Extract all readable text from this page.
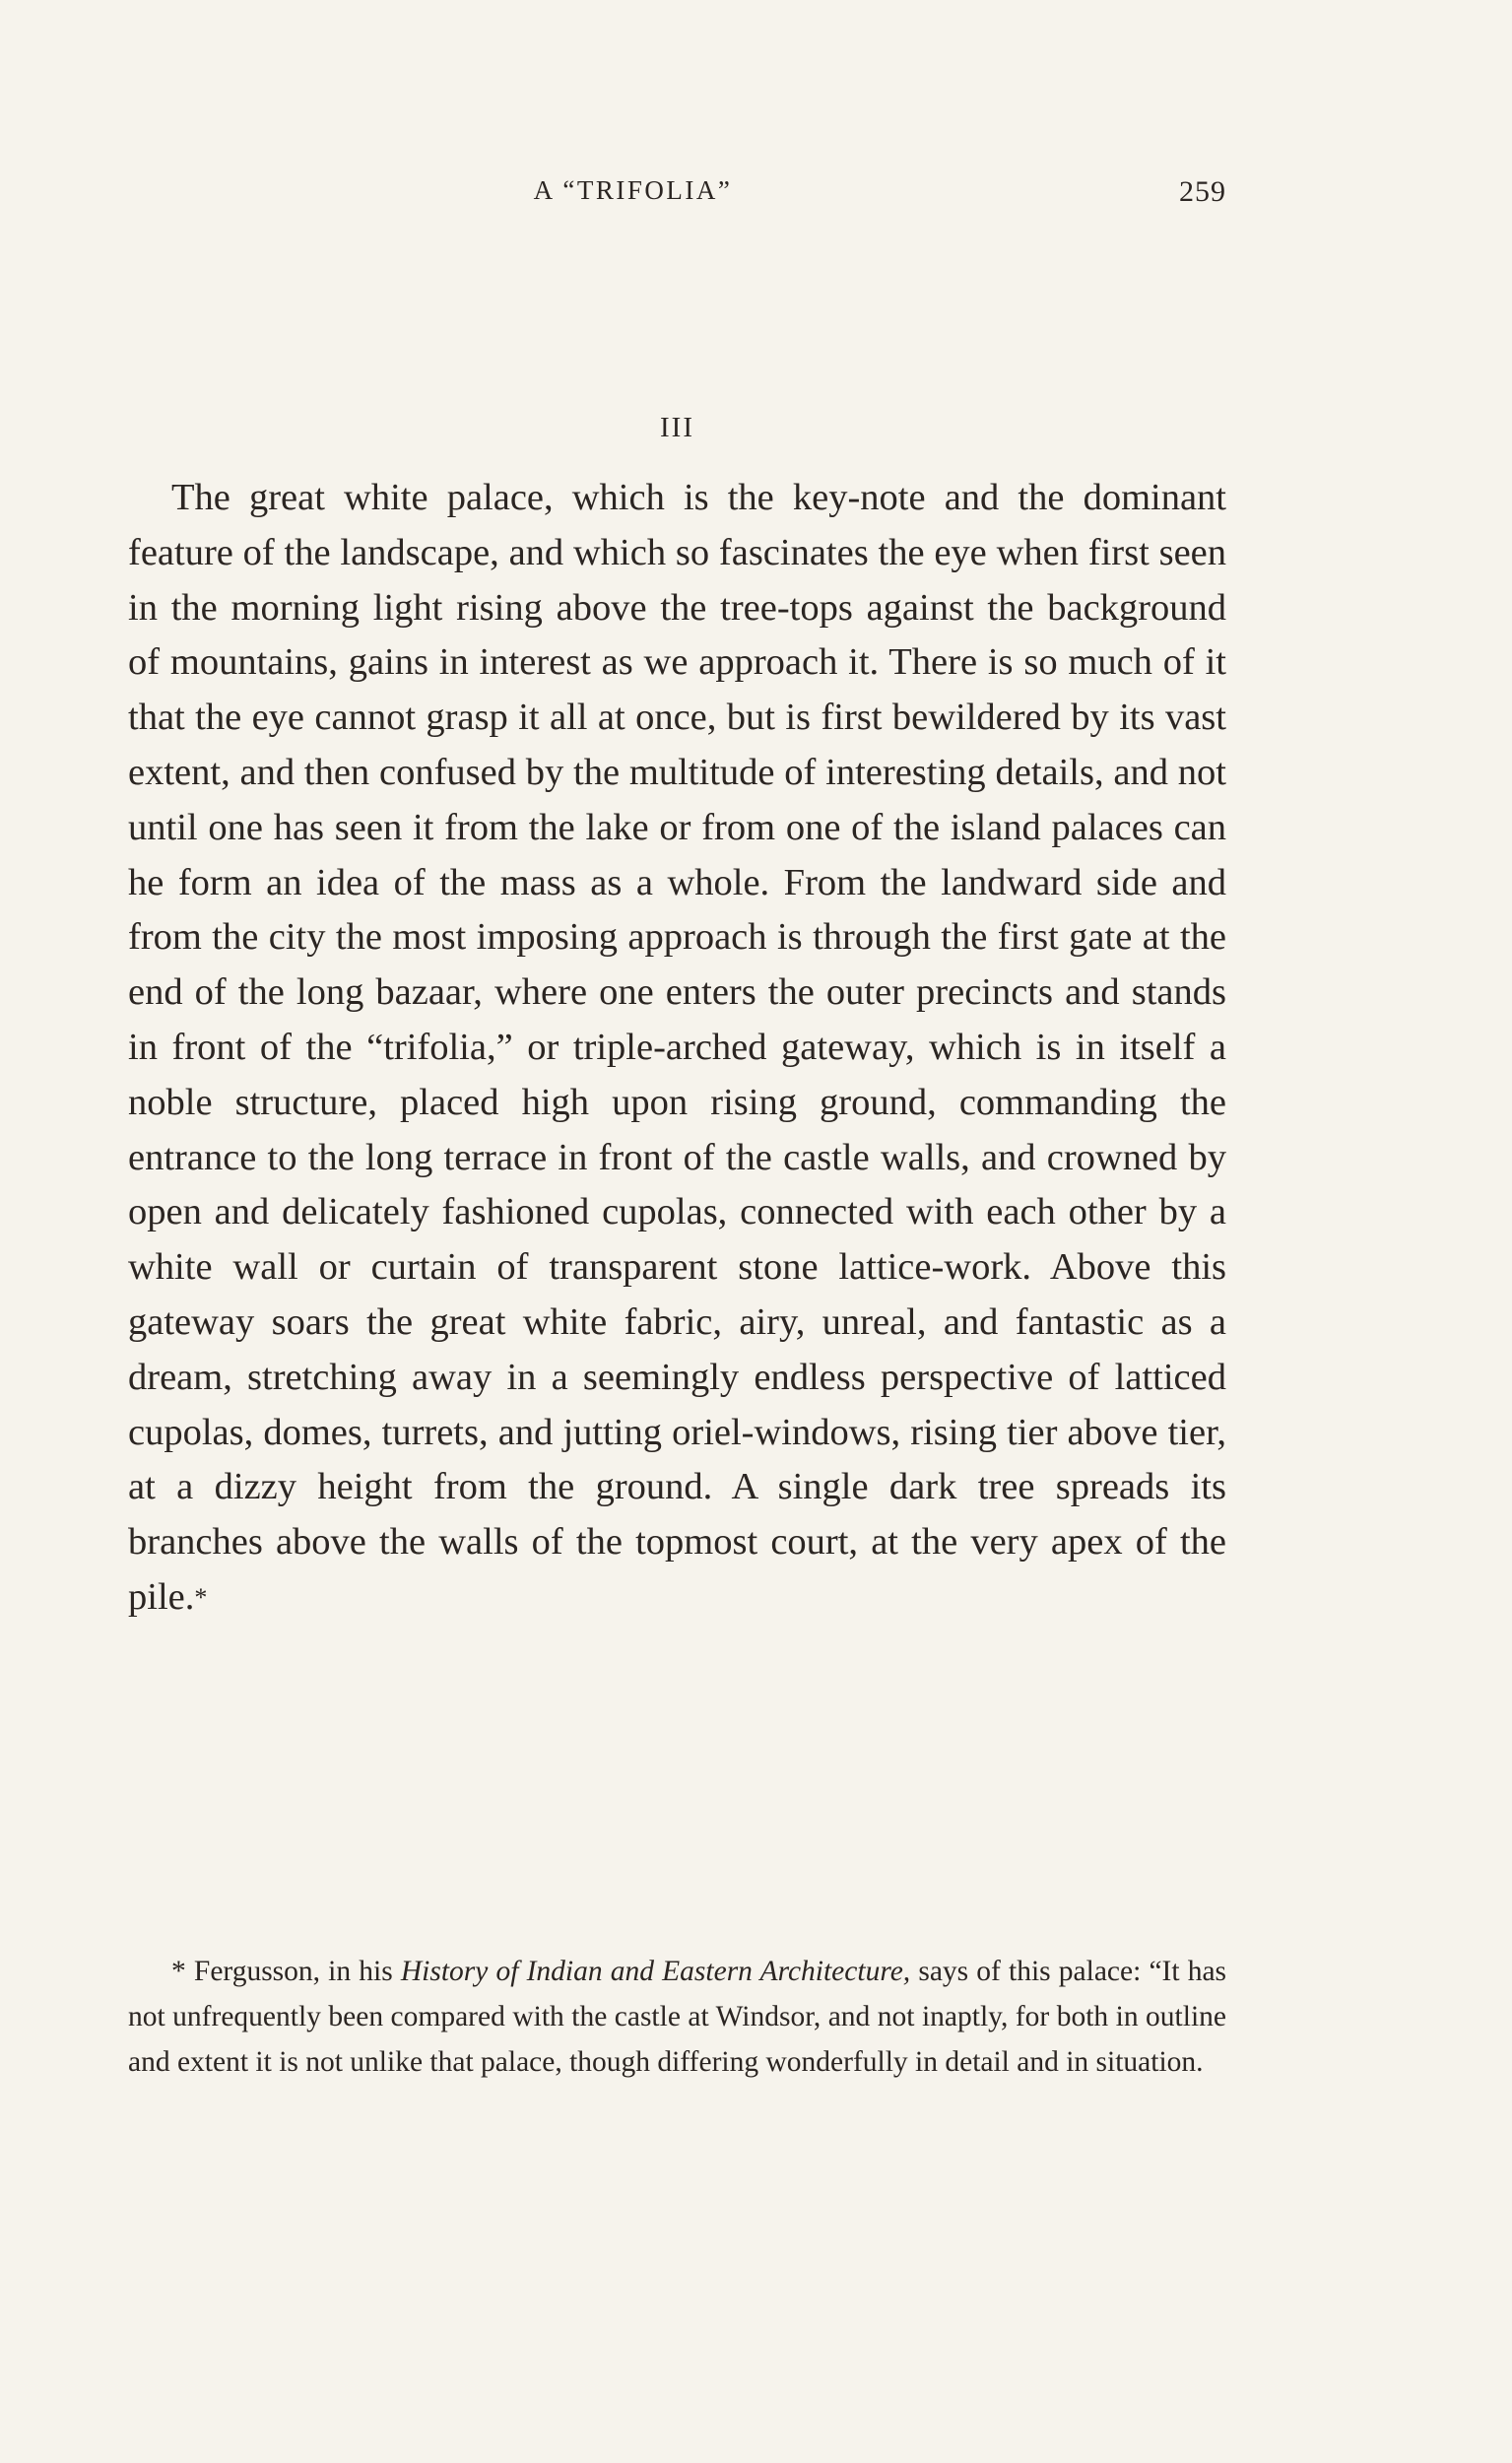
A “TRIFOLIA”	259
III

The great white palace, which is the key-note and the dominant feature of the landscape, and which so fascinates the eye when first seen in the morning light rising above the tree-tops against the background of mountains, gains in interest as we approach it. There is so much of it that the eye cannot grasp it all at once, but is first bewildered by its vast extent, and then confused by the multitude of interesting details, and not until one has seen it from the lake or from one of the island palaces can he form an idea of the mass as a whole. From the landward side and from the city the most imposing approach is through the first gate at the end of the long bazaar, where one enters the outer precincts and stands in front of the “trifolia,” or triple-arched gateway, which is in itself a noble structure, placed high upon rising ground, commanding the entrance to the long terrace in front of the castle walls, and crowned by open and delicately fashioned cupolas, connected with each other by a white wall or curtain of transparent stone lattice-work. Above this gateway soars the great white fabric, airy, unreal, and fantastic as a dream, stretching away in a seemingly endless perspective of latticed cupolas, domes, turrets, and jutting oriel-windows, rising tier above tier, at a dizzy height from the ground. A single dark tree spreads its branches above the walls of the topmost court, at the very apex of the pile.*

* Fergusson, in his History of Indian and Eastern Architecture, says of this palace: “It has not unfrequently been compared with the castle at Windsor, and not inaptly, for both in outline and extent it is not unlike that palace, though differing wonderfully in detail and in situation.
